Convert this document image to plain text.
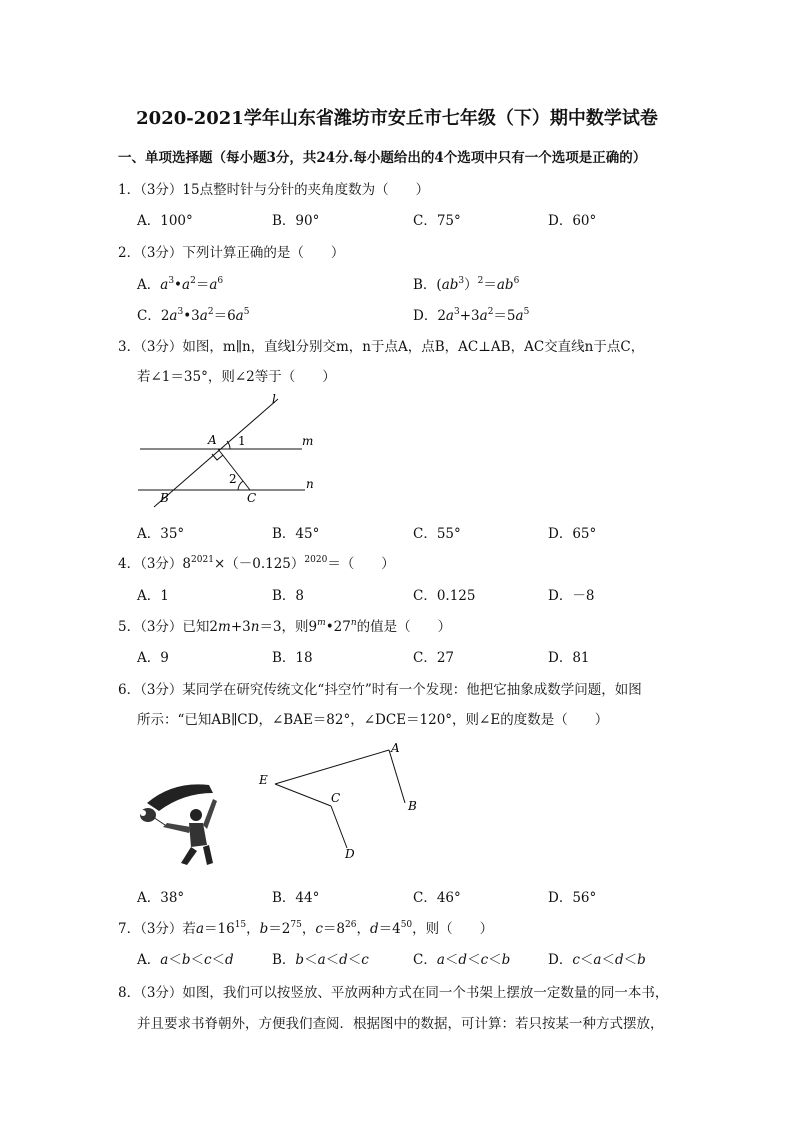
2020-2021学年山东省潍坊市安丘市七年级（下）期中数学试卷
一、单项选择题（每小题3分，共24分.每小题给出的4个选项中只有一个选项是正确的）
1．（3分）15点整时针与分针的夹角度数为（　　）
A．100°	B．90°	C．75°	D．60°
2．（3分）下列计算正确的是（　　）
A．$a^3•a^2=a^6$	B．$(ab^3)^2=ab^6$
C．$2a^3•3a^2=6a^5$	D．$2a^3+3a^2=5a^5$
3．（3分）如图，m∥n，直线l分别交m，n于点A，点B，AC⊥AB，AC交直线n于点C，
若∠1＝35°，则∠2等于（　　）
l
m
n
A
B	C
1
2
A．35°	B．45°	C．55°	D．65°
4．（3分）$8^{2021}\times(-0.125)^{2020}=$（　　）
A．1	B．8	C．0.125	D．－8
5．（3分）已知2m+3n＝3，则9$^m$•27$^n$的值是（　　）
A．9	B．18	C．27	D．81
6．（3分）某同学在研究传统文化“抖空竹”时有一个发现：他把它抽象成数学问题，如图
所示：“已知AB∥CD，∠BAE＝82°，∠DCE＝120°，则∠E的度数是（　　）
A
B
C
D
E
A．38°	B．44°	C．46°	D．56°
7．（3分）若$a=16^{15}$，$b=2^{75}$，$c=8^{26}$，$d=4^{50}$，则（　　）
A．a＜b＜c＜d	B．b＜a＜d＜c	C．a＜d＜c＜b	D．c＜a＜d＜b
8．（3分）如图，我们可以按竖放、平放两种方式在同一个书架上摆放一定数量的同一本书，
并且要求书脊朝外，方便我们查阅．根据图中的数据，可计算：若只按某一种方式摆放，
